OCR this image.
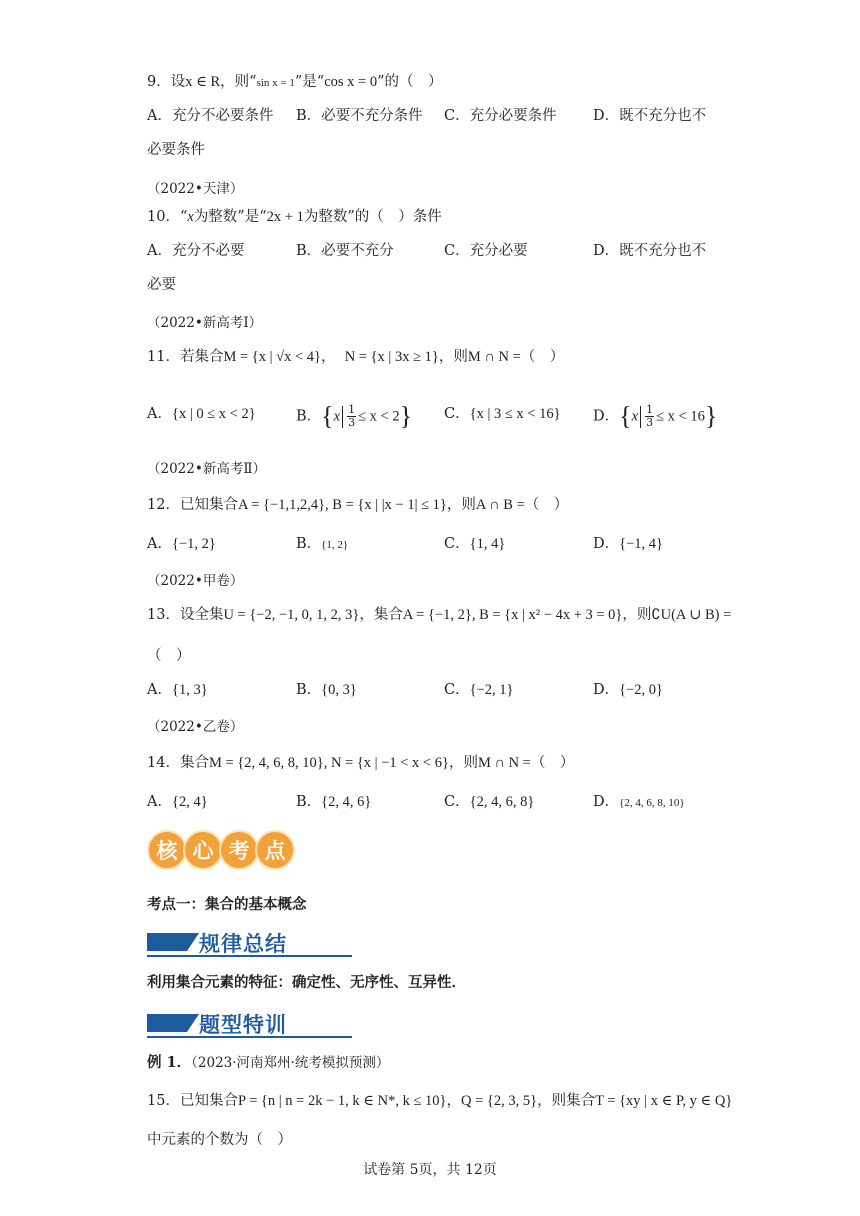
9．设x ∈ R，则“sin x = 1”是“cos x = 0”的（　）
A．充分不必要条件 B．必要不充分条件 C．充分必要条件	D．既不充分也不
必要条件
（2022•天津）
10．“x为整数”是“2x + 1为整数”的（　）条件
A．充分不必要	B．必要不充分	C．充分必要	D．既不充分也不
必要
（2022•新高考Ⅰ）
11．若集合M = {x | √x < 4}， N = {x | 3x ≥ 1}，则M ∩ N =（　）
A．{x | 0 ≤ x < 2}	B．$\{x \frac{1}{3} \le x < 2\}$ C．{x | 3 ≤ x < 16} D．$\{x \frac{1}{3} \le x < 16\}$
（2022•新高考Ⅱ）
12．已知集合A = {−1,1,2,4}, B = {x | |x − 1| ≤ 1}，则A ∩ B =（　）
A．{−1, 2}	B．{1, 2}	C．{1, 4}	D．{−1, 4}
（2022•甲卷）
13．设全集U = {−2, −1, 0, 1, 2, 3}，集合A = {−1, 2}, B = {x | x² − 4x + 3 = 0}，则∁U(A ∪ B) =
（　）
A．{1, 3}	B．{0, 3}	C．{−2, 1}	D．{−2, 0}
（2022•乙卷）
14．集合M = {2, 4, 6, 8, 10}, N = {x | −1 < x < 6}，则M ∩ N =（　）
A．{2, 4}	B．{2, 4, 6}	C．{2, 4, 6, 8}	D．{2, 4, 6, 8, 10}
核 心 考 点
考点一：集合的基本概念
规律总结
利用集合元素的特征：确定性、无序性、互异性．
题型特训
例 1．（2023·河南郑州·统考模拟预测）
15．已知集合P = {n | n = 2k − 1, k ∈ N*, k ≤ 10}，Q = {2, 3, 5}，则集合T = {xy | x ∈ P, y ∈ Q}
中元素的个数为（　）
试卷第 5页，共 12页
